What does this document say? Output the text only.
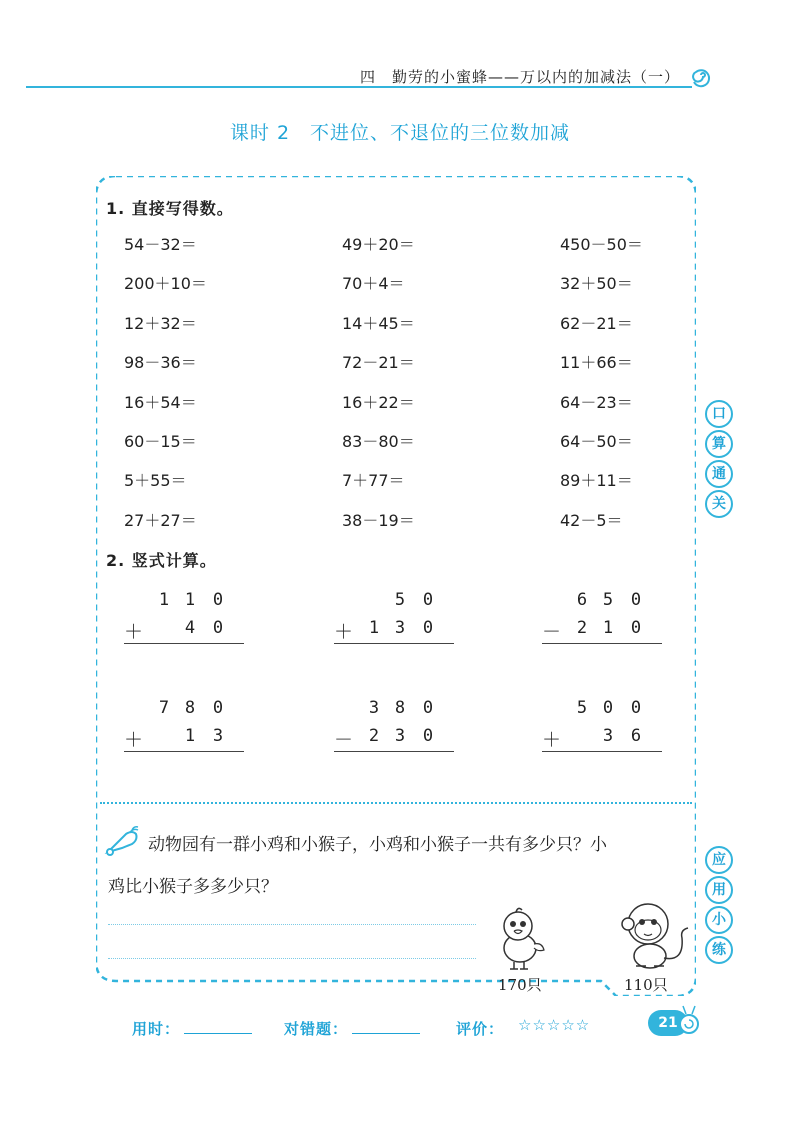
四　勤劳的小蜜蜂——万以内的加减法（一）
课时 2　不进位、不退位的三位数加减
1. 直接写得数。
54－32＝	49＋20＝	450－50＝
200＋10＝	70＋4＝	32＋50＝
12＋32＝	14＋45＝	62－21＝
98－36＝	72－21＝	11＋66＝
16＋54＝	16＋22＝	64－23＝
60－15＝	83－80＝	64－50＝
5＋55＝	7＋77＝	89＋11＝
27＋27＝	38－19＝	42－5＝
2. 竖式计算。
1 1 0
＋ 4 0
5 0
＋ 1 3 0
6 5 0
－ 2 1 0
7 8 0
＋ 1 3
3 8 0
－ 2 3 0
5 0 0
＋ 3 6
口
算
通
关
应
用
小
练
动物园有一群小鸡和小猴子，小鸡和小猴子一共有多少只？小
鸡比小猴子多多少只？
170只	110只
用时：	对错题：	评价： ☆☆☆☆☆	21
